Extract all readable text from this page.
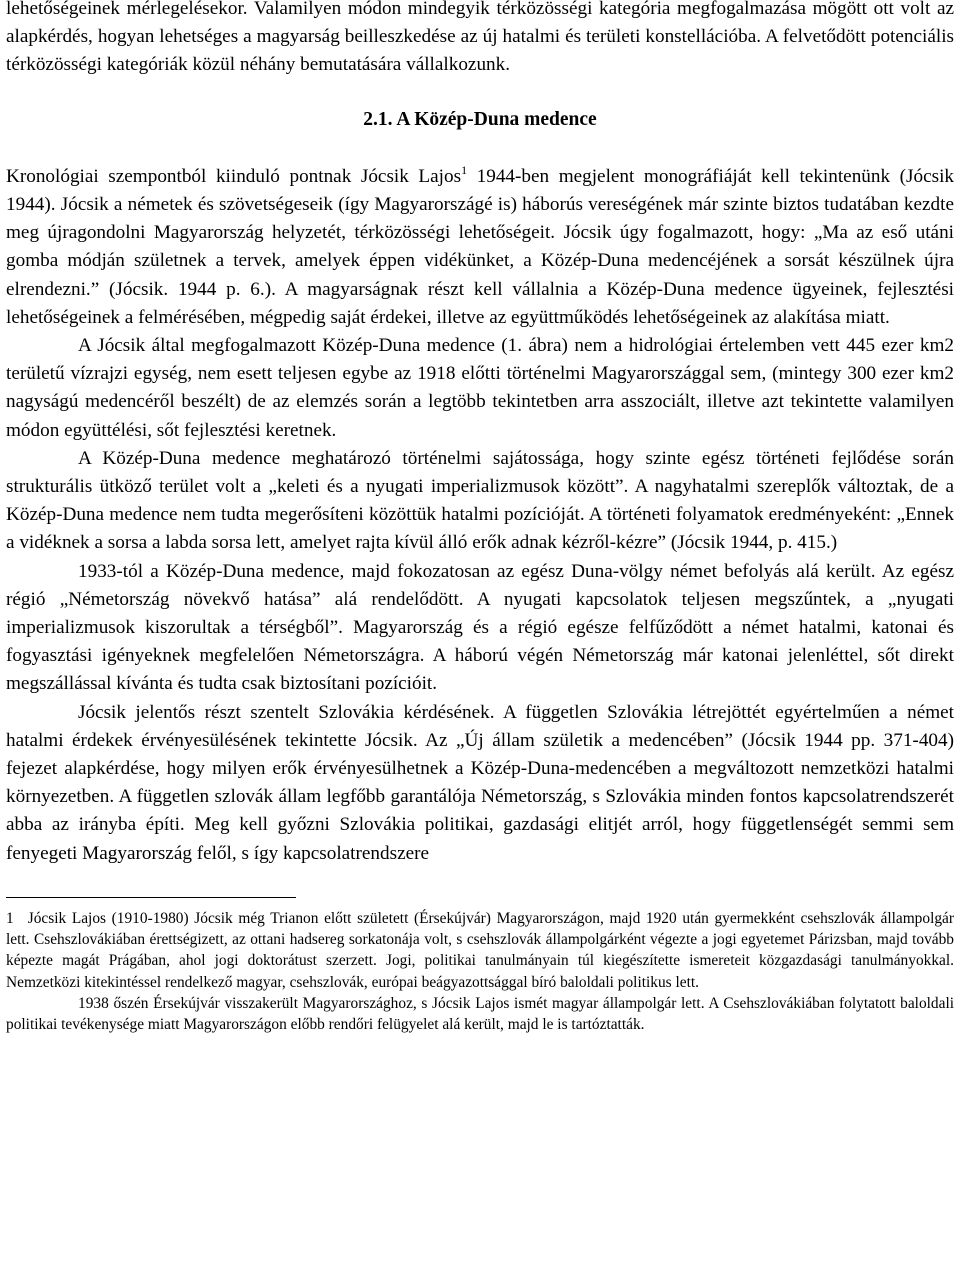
lehetőségeinek mérlegelésekor. Valamilyen módon mindegyik térközösségi kategória megfogalmazása mögött ott volt az alapkérdés, hogyan lehetséges a magyarság beilleszkedése az új hatalmi és területi konstellációba. A felvetődött potenciális térközösségi kategóriák közül néhány bemutatására vállalkozunk.

2.1. A Közép-Duna medence

Kronológiai szempontból kiinduló pontnak Jócsik Lajos$^1$ 1944-ben megjelent monográfiáját kell tekintenünk (Jócsik 1944). Jócsik a németek és szövetségeseik (így Magyarországé is) háborús vereségének már szinte biztos tudatában kezdte meg újragondolni Magyarország helyzetét, térközösségi lehetőségeit. Jócsik úgy fogalmazott, hogy: „Ma az eső utáni gomba módján születnek a tervek, amelyek éppen vidékünket, a Közép-Duna medencéjének a sorsát készülnek újra elrendezni.” (Jócsik. 1944 p. 6.). A magyarságnak részt kell vállalnia a Közép-Duna medence ügyeinek, fejlesztési lehetőségeinek a felmérésében, mégpedig saját érdekei, illetve az együttműködés lehetőségeinek az alakítása miatt.

A Jócsik által megfogalmazott Közép-Duna medence (1. ábra) nem a hidrológiai értelemben vett 445 ezer km2 területű vízrajzi egység, nem esett teljesen egybe az 1918 előtti történelmi Magyarországgal sem, (mintegy 300 ezer km2 nagyságú medencéről beszélt) de az elemzés során a legtöbb tekintetben arra asszociált, illetve azt tekintette valamilyen módon együttélési, sőt fejlesztési keretnek.

A Közép-Duna medence meghatározó történelmi sajátossága, hogy szinte egész történeti fejlődése során strukturális ütköző terület volt a „keleti és a nyugati imperializmusok között”. A nagyhatalmi szereplők változtak, de a Közép-Duna medence nem tudta megerősíteni közöttük hatalmi pozícióját. A történeti folyamatok eredményeként: „Ennek a vidéknek a sorsa a labda sorsa lett, amelyet rajta kívül álló erők adnak kézről-kézre” (Jócsik 1944, p. 415.)

1933-tól a Közép-Duna medence, majd fokozatosan az egész Duna-völgy német befolyás alá került. Az egész régió „Németország növekvő hatása” alá rendelődött. A nyugati kapcsolatok teljesen megszűntek, a „nyugati imperializmusok kiszorultak a térségből”. Magyarország és a régió egésze felfűződött a német hatalmi, katonai és fogyasztási igényeknek megfelelően Németországra. A háború végén Németország már katonai jelenléttel, sőt direkt megszállással kívánta és tudta csak biztosítani pozícióit.

Jócsik jelentős részt szentelt Szlovákia kérdésének. A független Szlovákia létrejöttét egyértelműen a német hatalmi érdekek érvényesülésének tekintette Jócsik. Az „Új állam születik a medencében” (Jócsik 1944 pp. 371-404) fejezet alapkérdése, hogy milyen erők érvényesülhetnek a Közép-Duna-medencében a megváltozott nemzetközi hatalmi környezetben. A független szlovák állam legfőbb garantálója Németország, s Szlovákia minden fontos kapcsolatrendszerét abba az irányba építi. Meg kell győzni Szlovákia politikai, gazdasági elitjét arról, hogy függetlenségét semmi sem fenyegeti Magyarország felől, s így kapcsolatrendszere

1 Jócsik Lajos (1910-1980) Jócsik még Trianon előtt született (Érsekújvár) Magyarországon, majd 1920 után gyermekként csehszlovák állampolgár lett. Csehszlovákiában érettségizett, az ottani hadsereg sorkatonája volt, s csehszlovák állampolgárként végezte a jogi egyetemet Párizsban, majd tovább képezte magát Prágában, ahol jogi doktorátust szerzett. Jogi, politikai tanulmányain túl kiegészítette ismereteit közgazdasági tanulmányokkal. Nemzetközi kitekintéssel rendelkező magyar, csehszlovák, európai beágyazottsággal bíró baloldali politikus lett.

1938 őszén Érsekújvár visszakerült Magyarországhoz, s Jócsik Lajos ismét magyar állampolgár lett. A Csehszlovákiában folytatott baloldali politikai tevékenysége miatt Magyarországon előbb rendőri felügyelet alá került, majd le is tartóztatták.
